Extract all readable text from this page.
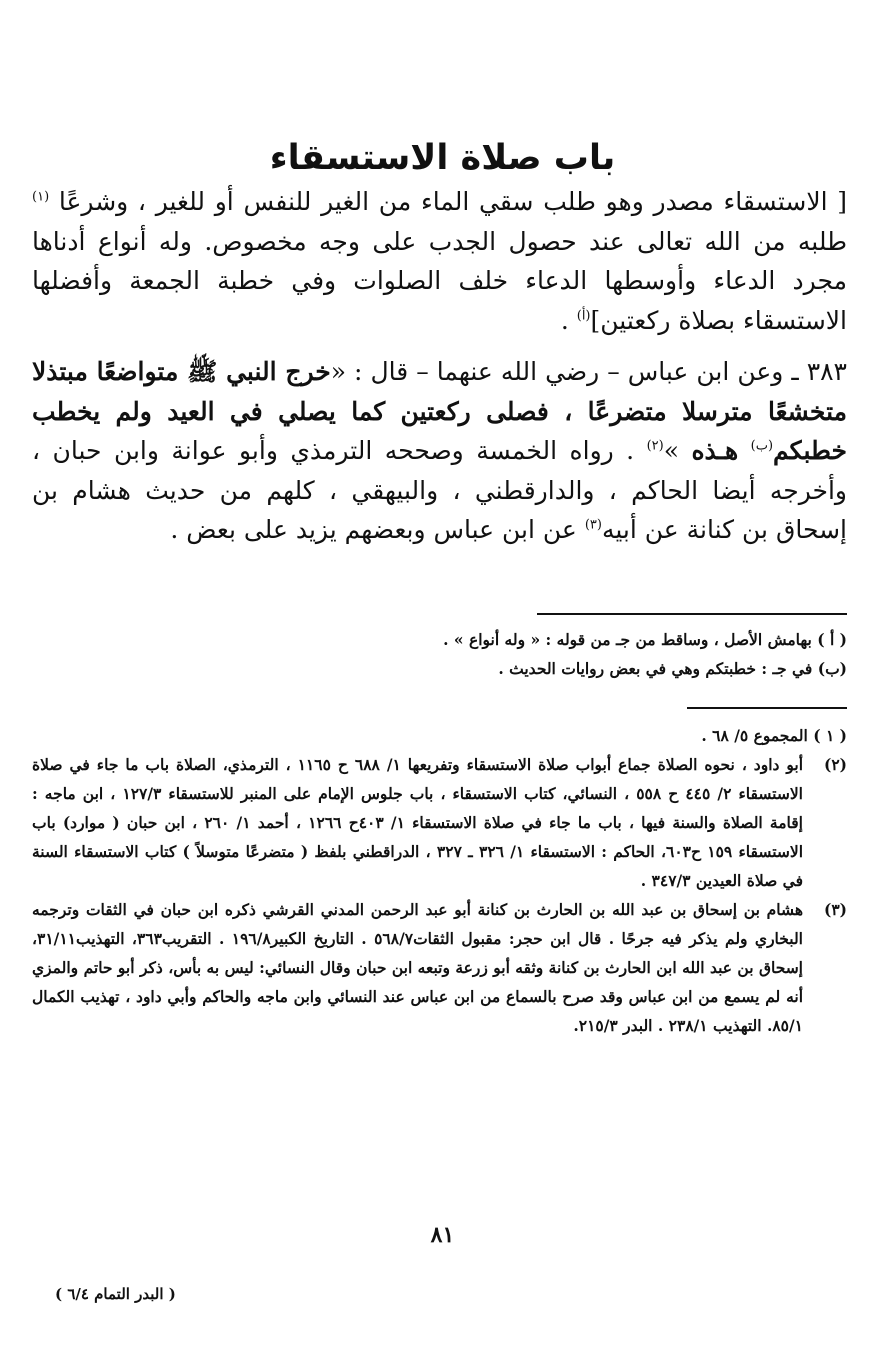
باب صلاة الاستسقاء
[ الاستسقاء مصدر وهو طلب سقي الماء من الغير للنفس أو للغير ، وشرعًا $^{(١)}$ طلبه من الله تعالى عند حصول الجدب على وجه مخصوص. وله أنواع أدناها مجرد الدعاء وأوسطها الدعاء خلف الصلوات وفي خطبة الجمعة وأفضلها الاستسقاء بصلاة ركعتين]$^{(أ)}$ .
٣٨٣ ـ وعن ابن عباس – رضي الله عنهما – قال : «خرج النبي ﷺ متواضعًا مبتذلا متخشعًا مترسلا متضرعًا ، فصلى ركعتين كما يصلي في العيد ولم يخطب خطبكم$^{(ب)}$ هـذه »$^{(٢)}$ . رواه الخمسة وصححه الترمذي وأبو عوانة وابن حبان ، وأخرجه أيضا الحاكم ، والدارقطني ، والبيهقي ، كلهم من حديث هشام بن إسحاق بن كنانة عن أبيه$^{(٣)}$ عن ابن عباس وبعضهم يزيد على بعض .
( أ ) بهامش الأصل ، وساقط من جـ من قوله : « وله أنواع » .
(ب) في جـ : خطبتكم وهي في بعض روايات الحديث .
( ١ ) المجموع ٥/ ٦٨ .
(٢)
أبو داود ، نحوه الصلاة جماع أبواب صلاة الاستسقاء وتفريعها ١/ ٦٨٨ ح ١١٦٥ ، الترمذي، الصلاة باب ما جاء في صلاة الاستسقاء ٢/ ٤٤٥ ح ٥٥٨ ، النسائي، كتاب الاستسقاء ، باب جلوس الإمام على المنبر للاستسقاء ١٢٧/٣ ، ابن ماجه : إقامة الصلاة والسنة فيها ، باب ما جاء في صلاة الاستسقاء ١/ ٤٠٣ح ١٢٦٦ ، أحمد ١/ ٢٦٠ ، ابن حبان ( موارد) باب الاستسقاء ١٥٩ ح٦٠٣، الحاكم : الاستسقاء ١/ ٣٢٦ ـ ٣٢٧ ، الدراقطني بلفظ ( متضرعًا متوسلاً ) كتاب الاستسقاء السنة في صلاة العيدين ٣٤٧/٣ .
(٣)
هشام بن إسحاق بن عبد الله بن الحارث بن كنانة أبو عبد الرحمن المدني القرشي ذكره ابن حبان في الثقات وترجمه البخاري ولم يذكر فيه جرحًا . قال ابن حجر: مقبول الثقات٥٦٨/٧ . التاريخ الكبير١٩٦/٨ . التقريب٣٦٣، التهذيب٣١/١١، إسحاق بن عبد الله ابن الحارث بن كنانة وثقه أبو زرعة وتبعه ابن حبان وقال النسائي: ليس به بأس، ذكر أبو حاتم والمزي أنه لم يسمع من ابن عباس وقد صرح بالسماع من ابن عباس عند النسائي وابن ماجه والحاكم وأبي داود ، تهذيب الكمال ٨٥/١. التهذيب ٢٣٨/١ . البدر ٢١٥/٣.
٨١
( البدر التمام ٦/٤ )
